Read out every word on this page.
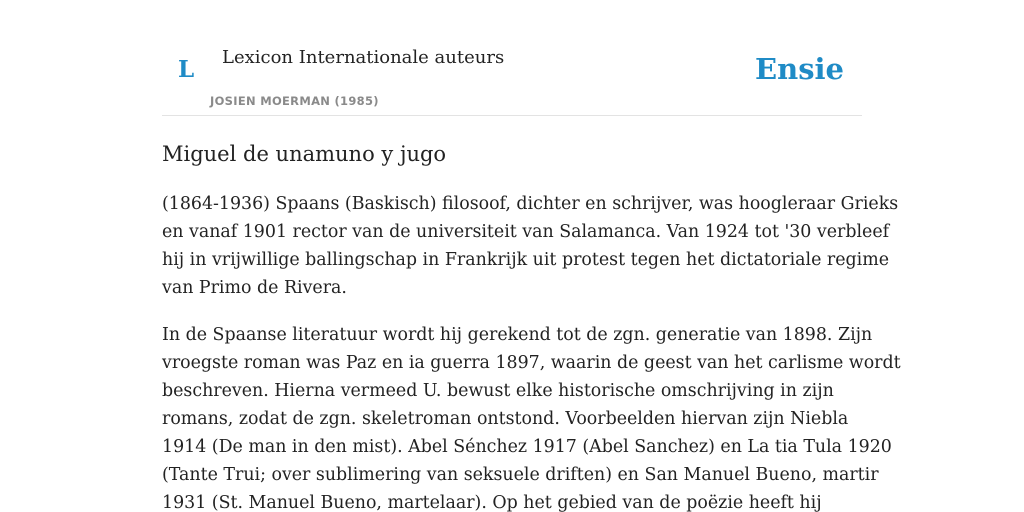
L Lexicon Internationale auteurs
JOSIEN MOERMAN (1985)
Ensie
Miguel de unamuno y jugo

(1864-1936) Spaans (Baskisch) filosoof, dichter en schrijver, was hoogleraar Grieks
en vanaf 1901 rector van de universiteit van Salamanca. Van 1924 tot '30 verbleef
hij in vrijwillige ballingschap in Frankrijk uit protest tegen het dictatoriale regime
van Primo de Rivera.

In de Spaanse literatuur wordt hij gerekend tot de zgn. generatie van 1898. Zijn
vroegste roman was Paz en ia guerra 1897, waarin de geest van het carlisme wordt
beschreven. Hierna vermeed U. bewust elke historische omschrijving in zijn
romans, zodat de zgn. skeletroman ontstond. Voorbeelden hiervan zijn Niebla
1914 (De man in den mist). Abel Sénchez 1917 (Abel Sanchez) en La tia Tula 1920
(Tante Trui; over sublimering van seksuele driften) en San Manuel Bueno, martir
1931 (St. Manuel Bueno, martelaar). Op het gebied van de poëzie heeft hij
